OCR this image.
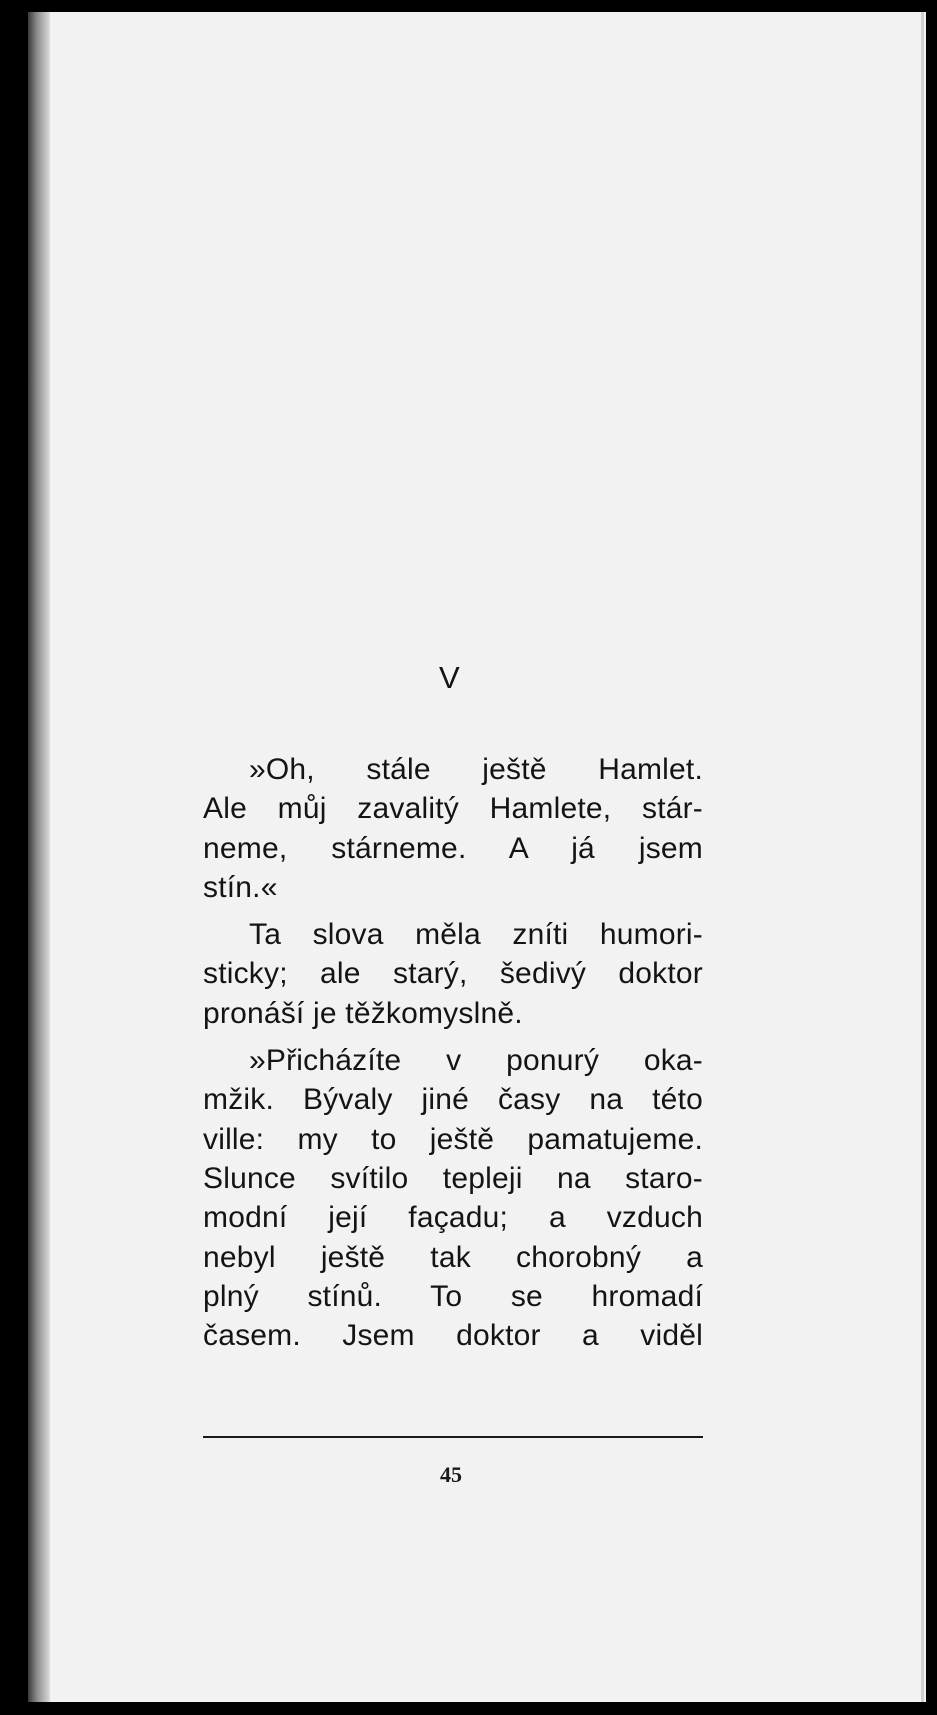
V
»Oh, stále ještě Hamlet.
Ale můj zavalitý Hamlete, stár-
neme, stárneme. A já jsem
stín.«
Ta slova měla zníti humori-
sticky; ale starý, šedivý doktor
pronáší je těžkomyslně.
»Přicházíte v ponurý oka-
mžik. Bývaly jiné časy na této
ville: my to ještě pamatujeme.
Slunce svítilo tepleji na staro-
modní její façadu; a vzduch
nebyl ještě tak chorobný a
plný stínů. To se hromadí
časem. Jsem doktor a viděl
45
